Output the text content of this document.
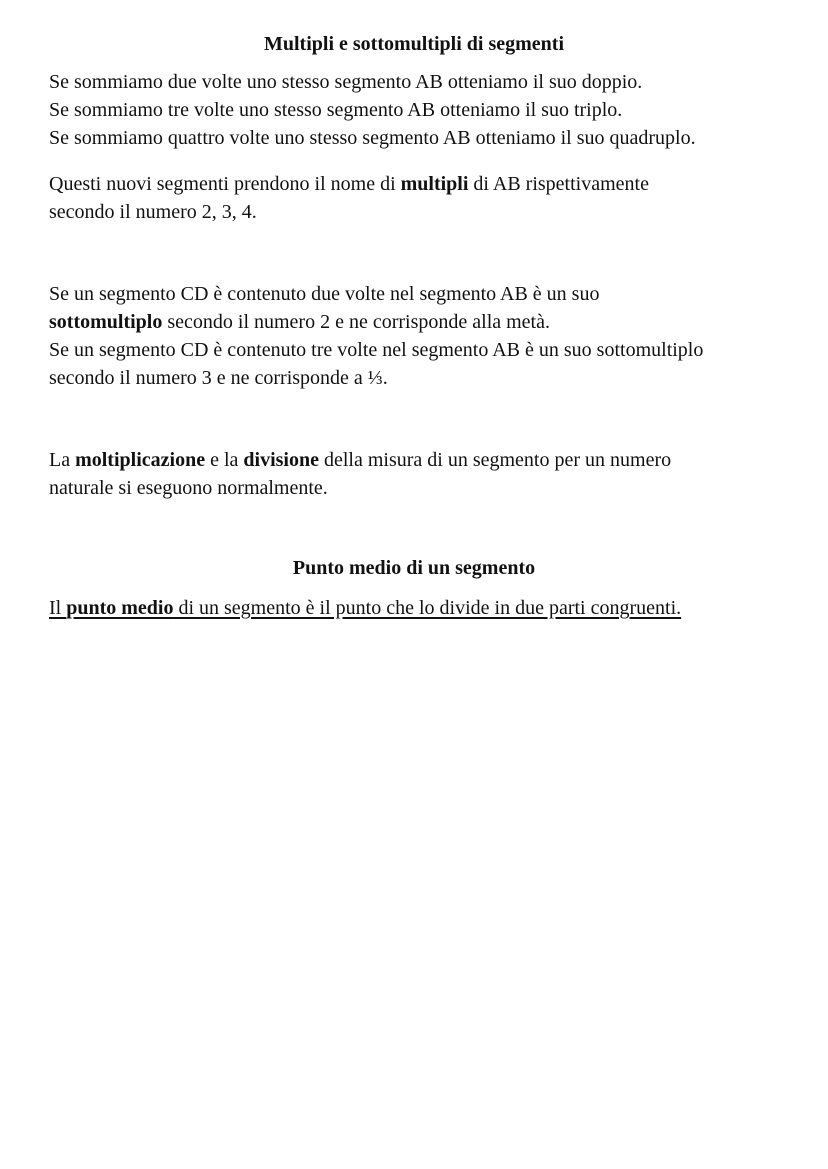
Multipli e sottomultipli di segmenti

Se sommiamo due volte uno stesso segmento AB otteniamo il suo doppio.
Se sommiamo tre volte uno stesso segmento AB otteniamo il suo triplo.
Se sommiamo quattro volte uno stesso segmento AB otteniamo il suo quadruplo.

Questi nuovi segmenti prendono il nome di multipli di AB rispettivamente
secondo il numero 2, 3, 4.

Se un segmento CD è contenuto due volte nel segmento AB è un suo
sottomultiplo secondo il numero 2 e ne corrisponde alla metà.
Se un segmento CD è contenuto tre volte nel segmento AB è un suo sottomultiplo
secondo il numero 3 e ne corrisponde a ⅓.

La moltiplicazione e la divisione della misura di un segmento per un numero
naturale si eseguono normalmente.

Punto medio di un segmento

Il punto medio di un segmento è il punto che lo divide in due parti congruenti.
